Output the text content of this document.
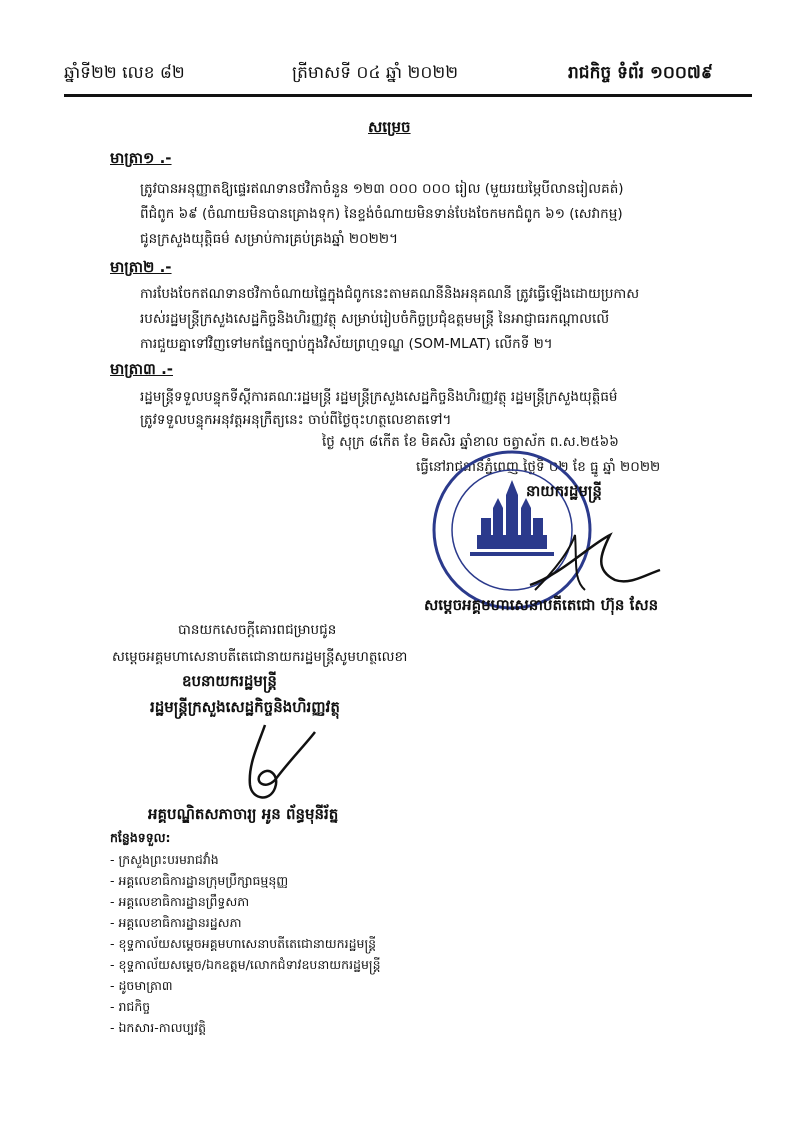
ឆ្នាំទី២២ លេខ ៨២	ត្រីមាសទី ០៤ ឆ្នាំ ២០២២	រាជកិច្ច ទំព័រ ១០០៧៩
សម្រេច
មាត្រា១ .-
ត្រូវបានអនុញ្ញាតឱ្យផ្ទេរឥណទានថវិកាចំនួន ១២៣ ០០០ ០០០ រៀល (មួយរយម្ភៃបីលានរៀលគត់)
ពីជំពូក ៦៩ (ចំណាយមិនបានគ្រោងទុក) នៃខ្ទង់ចំណាយមិនទាន់បែងចែកមកជំពូក ៦១ (សេវាកម្ម)
ជូនក្រសួងយុត្តិធម៌ សម្រាប់ការគ្រប់គ្រងឆ្នាំ ២០២២។
មាត្រា២ .-
ការបែងចែកឥណទានថវិកាចំណាយផ្ទៃក្នុងជំពូកនេះតាមគណនីនិងអនុគណនី ត្រូវធ្វើឡើងដោយប្រកាស
របស់រដ្ឋមន្ត្រីក្រសួងសេដ្ឋកិច្ចនិងហិរញ្ញវត្ថុ សម្រាប់រៀបចំកិច្ចប្រជុំឧត្តមមន្ត្រី នៃអាជ្ញាធរកណ្តាលលើ
ការជួយគ្នាទៅវិញទៅមកផ្នែកច្បាប់ក្នុងវិស័យព្រហ្មទណ្ឌ (SOM-MLAT) លើកទី ២។
មាត្រា៣ .-
រដ្ឋមន្ត្រីទទួលបន្ទុកទីស្តីការគណៈរដ្ឋមន្ត្រី រដ្ឋមន្ត្រីក្រសួងសេដ្ឋកិច្ចនិងហិរញ្ញវត្ថុ រដ្ឋមន្ត្រីក្រសួងយុត្តិធម៌
ត្រូវទទួលបន្ទុកអនុវត្តអនុក្រឹត្យនេះ ចាប់ពីថ្ងៃចុះហត្ថលេខាតទៅ។
ថ្ងៃ សុក្រ ៨កើត ខែ មិគសិរ ឆ្នាំខាល ចត្វាស័ក ព.ស.២៥៦៦
ធ្វើនៅរាជធានីភ្នំពេញ ថ្ងៃទី ០២ ខែ ធ្នូ ឆ្នាំ ២០២២
នាយករដ្ឋមន្ត្រី
សម្តេចអគ្គមហាសេនាបតីតេជោ ហ៊ុន សែន
បានយកសេចក្តីគោរពជម្រាបជូន
សម្តេចអគ្គមហាសេនាបតីតេជោនាយករដ្ឋមន្ត្រីសូមហត្ថលេខា
ឧបនាយករដ្ឋមន្ត្រី
រដ្ឋមន្ត្រីក្រសួងសេដ្ឋកិច្ចនិងហិរញ្ញវត្ថុ
អគ្គបណ្ឌិតសភាចារ្យ អូន ព័ន្ធមុនីរ័ត្ន
កន្លែងទទួល:
- ក្រសួងព្រះបរមរាជវាំង
- អគ្គលេខាធិការដ្ឋានក្រុមប្រឹក្សាធម្មនុញ្ញ
- អគ្គលេខាធិការដ្ឋានព្រឹទ្ធសភា
- អគ្គលេខាធិការដ្ឋានរដ្ឋសភា
- ខុទ្ទកាល័យសម្តេចអគ្គមហាសេនាបតីតេជោនាយករដ្ឋមន្ត្រី
- ខុទ្ទកាល័យសម្តេច/ឯកឧត្តម/លោកជំទាវឧបនាយករដ្ឋមន្ត្រី
- ដូចមាត្រា៣
- រាជកិច្ច
- ឯកសារ-កាលប្បវត្តិ
